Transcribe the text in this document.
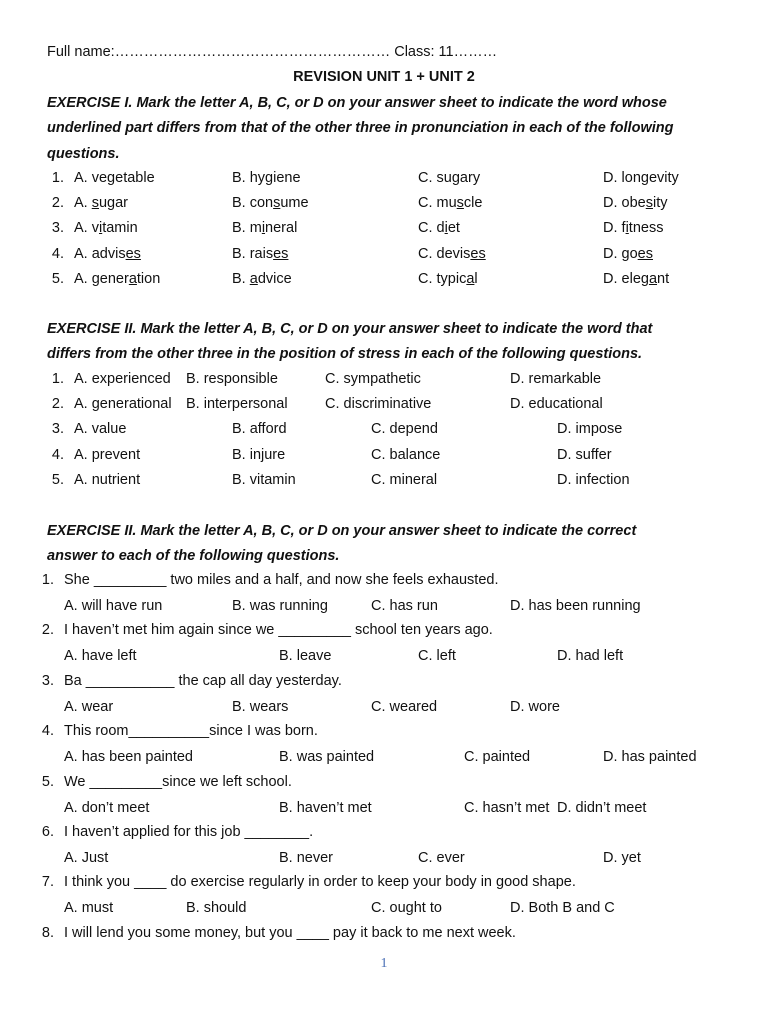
Full name:………………………………………………… Class: 11………
REVISION UNIT 1 + UNIT 2
EXERCISE I. Mark the letter A, B, C, or D on your answer sheet to indicate the word whose
underlined part differs from that of the other three in pronunciation in each of the following
questions.
1. A. vegetable	B. hygiene	C. sugary	D. longevity
2. A. sugar	B. consume	C. muscle	D. obesity
3. A. vitamin	B. mineral	C. diet	D. fitness
4. A. advises	B. raises	C. devises	D. goes
5. A. generation	B. advice	C. typical	D. elegant
EXERCISE II. Mark the letter A, B, C, or D on your answer sheet to indicate the word that
differs from the other three in the position of stress in each of the following questions.
1. A. experienced B. responsible	C. sympathetic	D. remarkable
2. A. generational B. interpersonal	C. discriminative	D. educational
3. A. value	B. afford	C. depend	D. impose
4. A. prevent	B. injure	C. balance	D. suffer
5. A. nutrient	B. vitamin	C. mineral	D. infection
EXERCISE II. Mark the letter A, B, C, or D on your answer sheet to indicate the correct
answer to each of the following questions.
1. She _________ two miles and a half, and now she feels exhausted.
A. will have run	B. was running	C. has run	D. has been running
2. I haven’t met him again since we _________ school ten years ago.
A. have left	B. leave	C. left	D. had left
3. Ba ___________ the cap all day yesterday.
A. wear	B. wears	C. weared	D. wore
4. This room__________since I was born.
A. has been painted	B. was painted	C. painted	D. has painted
5. We _________since we left school.
A. don’t meet	B. haven’t met	C. hasn’t met D. didn’t meet
6. I haven’t applied for this job ________.
A. Just	B. never	C. ever	D. yet
7. I think you ____ do exercise regularly in order to keep your body in good shape.
A. must	B. should	C. ought to	D. Both B and C
8. I will lend you some money, but you ____ pay it back to me next week.
1
